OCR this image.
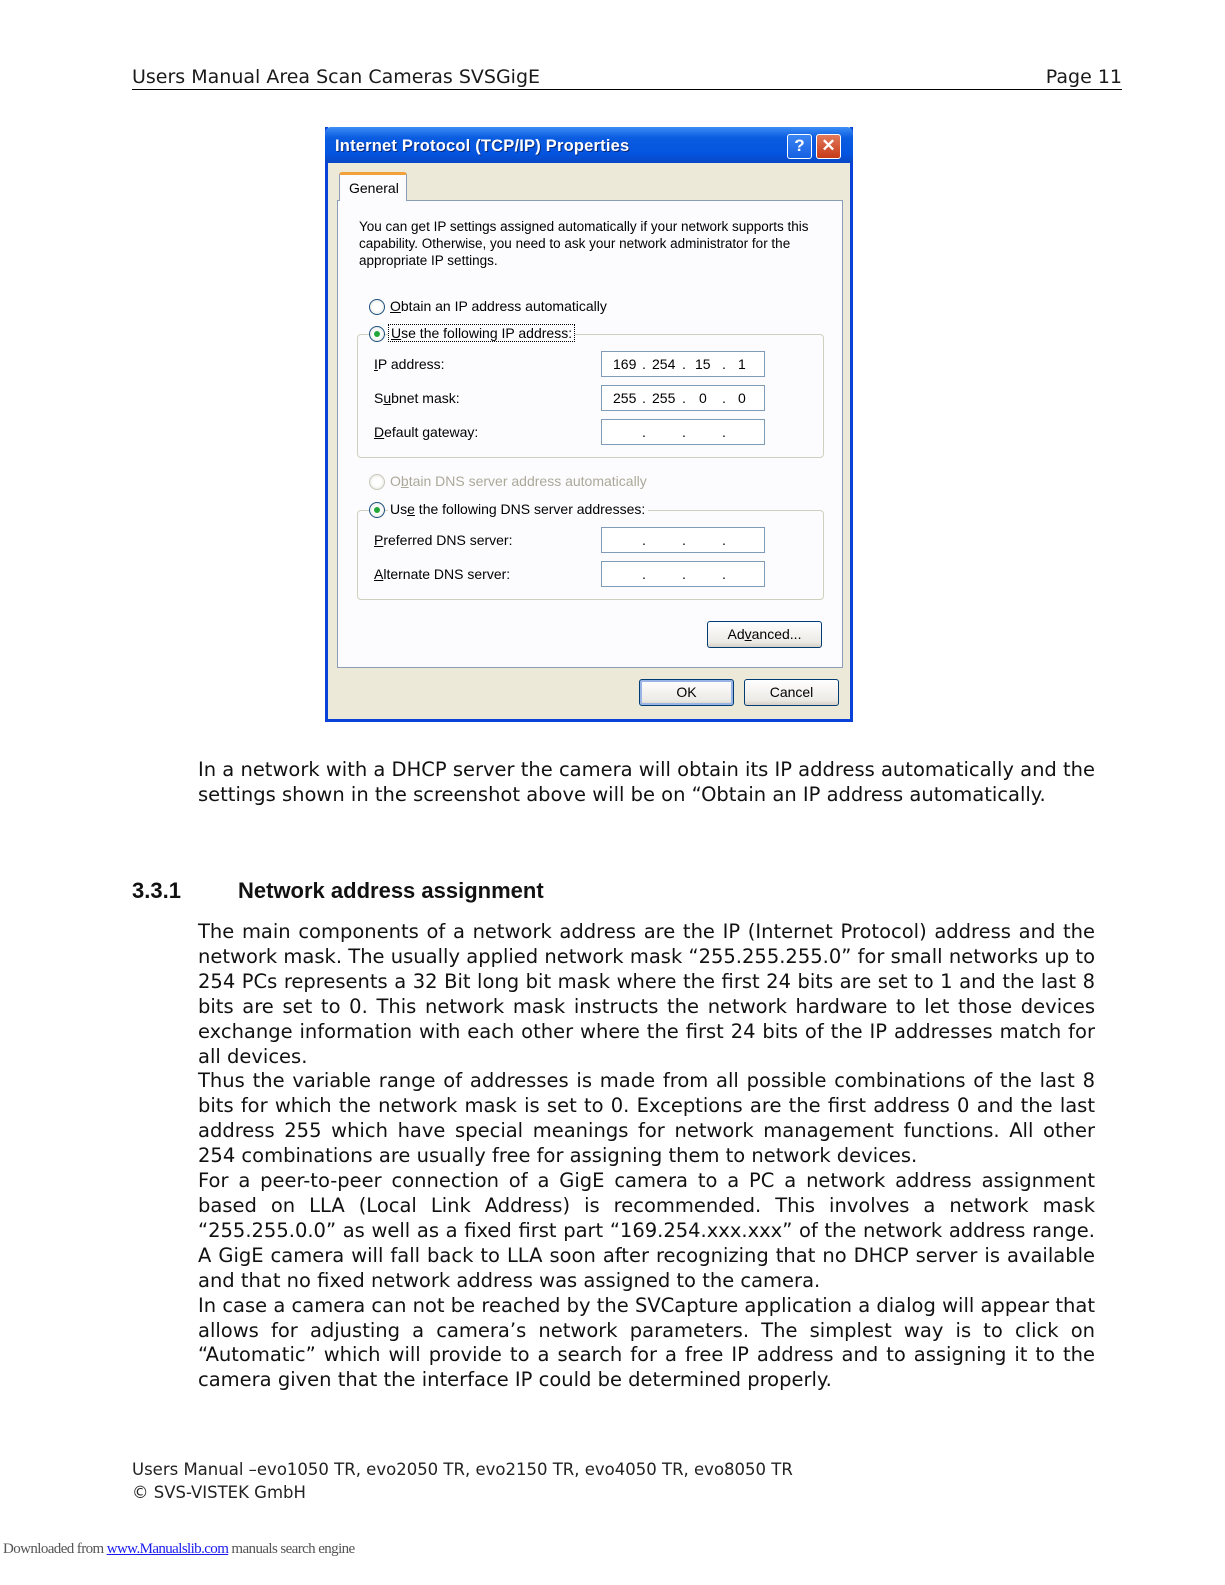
Users Manual Area Scan Cameras SVSGigE	Page 11
Internet Protocol (TCP/IP) Properties	? ✕
General
You can get IP settings assigned automatically if your network supports this capability. Otherwise, you need to ask your network administrator for the appropriate IP settings.
Obtain an IP address automatically
Use the following IP address:
IP address:	169 . 254 . 15 . 1
Subnet mask:	255 . 255 . 0 . 0
Default gateway:	.	.	.
Obtain DNS server address automatically
Use the following DNS server addresses:
Preferred DNS server:	.	.	.
Alternate DNS server:	.	.	.
Advanced...
OK	Cancel
In a network with a DHCP server the camera will obtain its IP address automatically and the settings shown in the screenshot above will be on “Obtain an IP address automatically.
3.3.1	Network address assignment
The main components of a network address are the IP (Internet Protocol) address and the network mask. The usually applied network mask “255.255.255.0” for small networks up to 254 PCs represents a 32 Bit long bit mask where the first 24 bits are set to 1 and the last 8 bits are set to 0. This network mask instructs the network hardware to let those devices exchange information with each other where the first 24 bits of the IP addresses match for all devices.
Thus the variable range of addresses is made from all possible combinations of the last 8 bits for which the network mask is set to 0. Exceptions are the first address 0 and the last address 255 which have special meanings for network management functions. All other 254 combinations are usually free for assigning them to network devices.
For a peer-to-peer connection of a GigE camera to a PC a network address assignment based on LLA (Local Link Address) is recommended. This involves a network mask “255.255.0.0” as well as a fixed first part “169.254.xxx.xxx” of the network address range. A GigE camera will fall back to LLA soon after recognizing that no DHCP server is available and that no fixed network address was assigned to the camera.
In case a camera can not be reached by the SVCapture application a dialog will appear that allows for adjusting a camera’s network parameters. The simplest way is to click on “Automatic” which will provide to a search for a free IP address and to assigning it to the camera given that the interface IP could be determined properly.
Users Manual –evo1050 TR, evo2050 TR, evo2150 TR, evo4050 TR, evo8050 TR
© SVS-VISTEK GmbH
Downloaded from www.Manualslib.com manuals search engine
